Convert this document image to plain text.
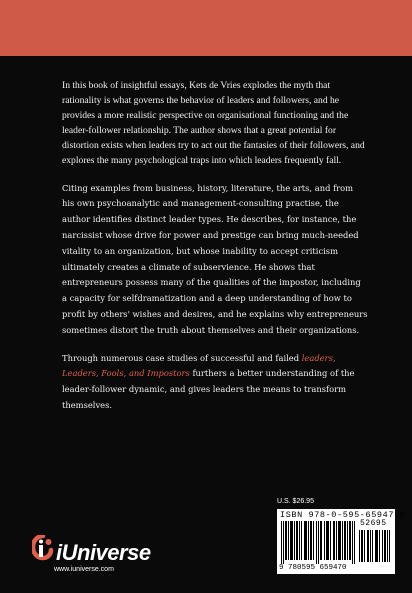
In this book of insightful essays, Kets de Vries explodes the myth that rationality is what governs the behavior of leaders and followers, and he provides a more realistic perspective on organisational functioning and the leader-follower relationship. The author shows that a great potential for distortion exists when leaders try to act out the fantasies of their followers, and explores the many psychological traps into which leaders frequently fall.

Citing examples from business, history, literature, the arts, and from his own psychoanalytic and management-consulting practise, the author identifies distinct leader types. He describes, for instance, the narcissist whose drive for power and prestige can bring much-needed vitality to an organization, but whose inability to accept criticism ultimately creates a climate of subservience. He shows that entrepreneurs possess many of the qualities of the impostor, including a capacity for selfdramatization and a deep understanding of how to profit by others' wishes and desires, and he explains why entrepreneurs sometimes distort the truth about themselves and their organizations.

Through numerous case studies of successful and failed leaders, Leaders, Fools, and Impostors furthers a better understanding of the leader-follower dynamic, and gives leaders the means to transform themselves.

iUniverse
www.iuniverse.com
U.S. $26.95
ISBN 978-0-595-65947-0
52695
9 780595 659470
